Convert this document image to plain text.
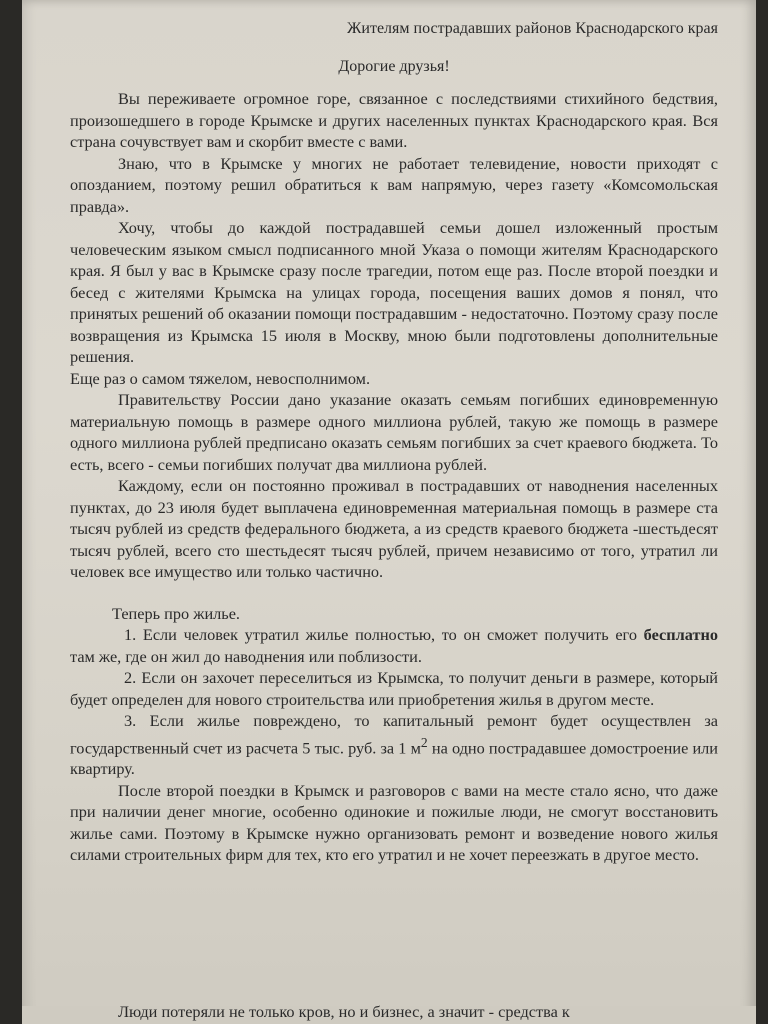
Жителям пострадавших районов Краснодарского края
Дорогие друзья!

Вы переживаете огромное горе, связанное с последствиями стихийного бедствия, произошедшего в городе Крымске и других населенных пунктах Краснодарского края. Вся страна сочувствует вам и скорбит вместе с вами.

Знаю, что в Крымске у многих не работает телевидение, новости приходят с опозданием, поэтому решил обратиться к вам напрямую, через газету «Комсомольская правда».

Хочу, чтобы до каждой пострадавшей семьи дошел изложенный простым человеческим языком смысл подписанного мной Указа о помощи жителям Краснодарского края. Я был у вас в Крымске сразу после трагедии, потом еще раз. После второй поездки и бесед с жителями Крымска на улицах города, посещения ваших домов я понял, что принятых решений об оказании помощи пострадавшим - недостаточно. Поэтому сразу после возвращения из Крымска 15 июля в Москву, мною были подготовлены дополнительные решения.

Еще раз о самом тяжелом, невосполнимом.

Правительству России дано указание оказать семьям погибших единовременную материальную помощь в размере одного миллиона рублей, такую же помощь в размере одного миллиона рублей предписано оказать семьям погибших за счет краевого бюджета. То есть, всего - семьи погибших получат два миллиона рублей.

Каждому, если он постоянно проживал в пострадавших от наводнения населенных пунктах, до 23 июля будет выплачена единовременная материальная помощь в размере ста тысяч рублей из средств федерального бюджета, а из средств краевого бюджета -шестьдесят тысяч рублей, всего сто шестьдесят тысяч рублей, причем независимо от того, утратил ли человек все имущество или только частично.

Теперь про жилье.

1. Если человек утратил жилье полностью, то он сможет получить его бесплатно там же, где он жил до наводнения или поблизости.

2. Если он захочет переселиться из Крымска, то получит деньги в размере, который будет определен для нового строительства или приобретения жилья в другом месте.

3. Если жилье повреждено, то капитальный ремонт будет осуществлен за государственный счет из расчета 5 тыс. руб. за 1 $м^2$ на одно пострадавшее домостроение или квартиру.

После второй поездки в Крымск и разговоров с вами на месте стало ясно, что даже при наличии денег многие, особенно одинокие и пожилые люди, не смогут восстановить жилье сами. Поэтому в Крымске нужно организовать ремонт и возведение нового жилья силами строительных фирм для тех, кто его утратил и не хочет переезжать в другое место.

Люди потеряли не только кров, но и бизнес, а значит - средства к
